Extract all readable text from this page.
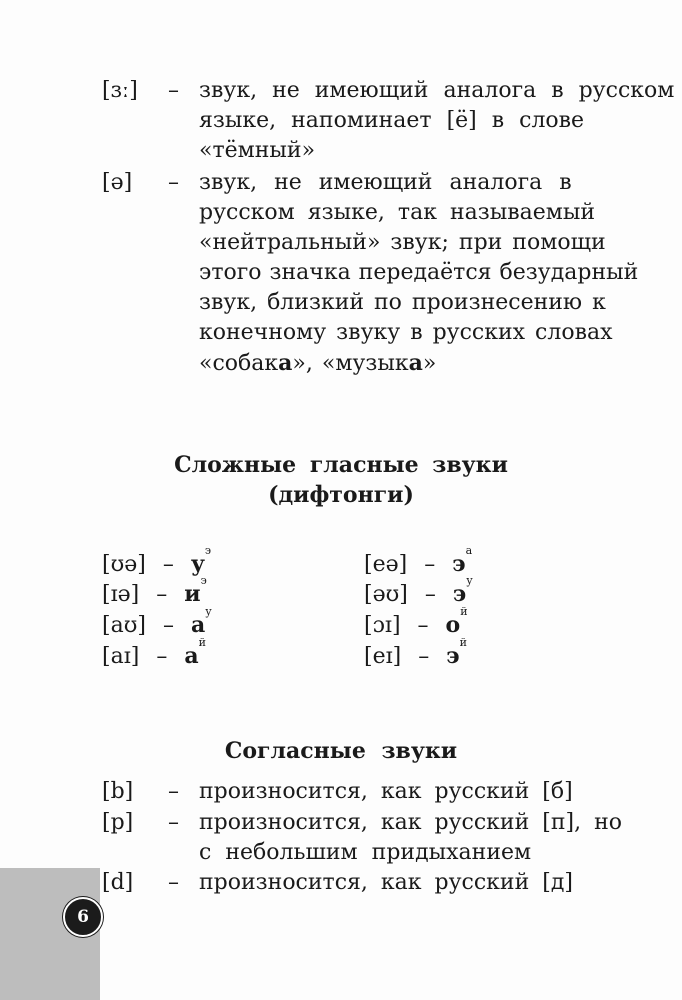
[ɜː] – звук, не имеющий аналога в русском
языке, напоминает [ё] в слове
«тёмный»
[ə] – звук, не имеющий аналога в
русском языке, так называемый
«нейтральный» звук; при помощи
этого значка передаётся безударный
звук, близкий по произнесению к
конечному звуку в русских словах
«собака», «музыка»
Сложные гласные звуки
(дифтонги)
[ʊə] – $у^э$
[ɪə] – $и^э$
[aʊ] – $а^у$
[aɪ] – $а^й$
[eə] – $э^а$
[əʊ] – $э^у$
[ɔɪ] – $о^й$
[eɪ] – $э^й$
Согласные звуки
[b] – произносится, как русский [б]
[p] – произносится, как русский [п], но
с небольшим придыханием
[d] – произносится, как русский [д]
6
